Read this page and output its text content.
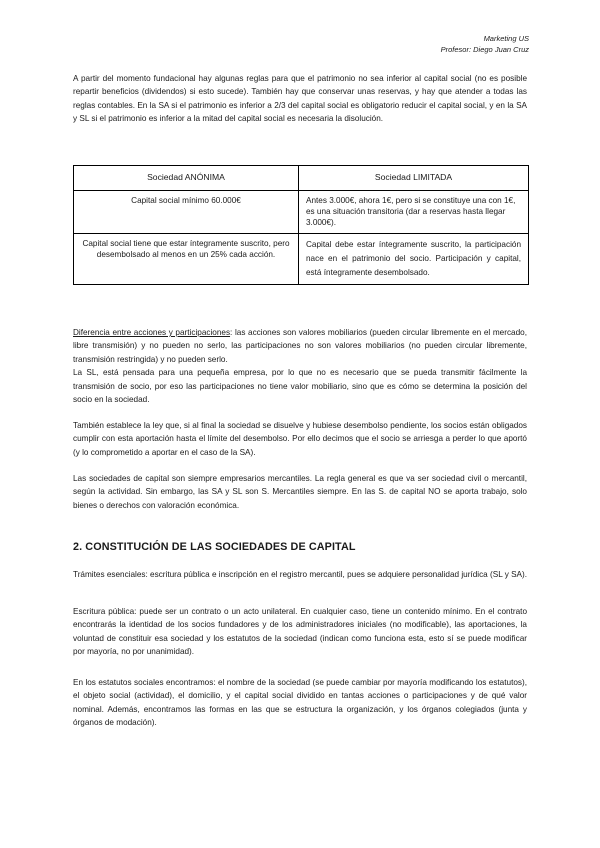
Marketing US
Profesor: Diego Juan Cruz

A partir del momento fundacional hay algunas reglas para que el patrimonio no sea inferior al capital social (no es posible repartir beneficios (dividendos) si esto sucede). También hay que conservar unas reservas, y hay que atender a todas las reglas contables. En la SA si el patrimonio es inferior a 2/3 del capital social es obligatorio reducir el capital social, y en la SA y SL si el patrimonio es inferior a la mitad del capital social es necesaria la disolución.

Sociedad ANÓNIMA	Sociedad LIMITADA
Capital social mínimo 60.000€	Antes 3.000€, ahora 1€, pero si se constituye una con 1€, es una situación transitoria (dar a reservas hasta llegar 3.000€).
Capital social tiene que estar íntegramente suscrito, pero desembolsado al menos en un 25% cada acción.	Capital debe estar íntegramente suscrito, la participación nace en el patrimonio del socio. Participación y capital, está íntegramente desembolsado.
Diferencia entre acciones y participaciones: las acciones son valores mobiliarios (pueden circular libremente en el mercado, libre transmisión) y no pueden no serlo, las participaciones no son valores mobiliarios (no pueden circular libremente, transmisión restringida) y no pueden serlo.
La SL, está pensada para una pequeña empresa, por lo que no es necesario que se pueda transmitir fácilmente la transmisión de socio, por eso las participaciones no tiene valor mobiliario, sino que es cómo se determina la posición del socio en la sociedad.

También establece la ley que, si al final la sociedad se disuelve y hubiese desembolso pendiente, los socios están obligados cumplir con esta aportación hasta el límite del desembolso. Por ello decimos que el socio se arriesga a perder lo que aportó (y lo comprometido a aportar en el caso de la SA).

Las sociedades de capital son siempre empresarios mercantiles. La regla general es que va ser sociedad civil o mercantil, según la actividad. Sin embargo, las SA y SL son S. Mercantiles siempre. En las S. de capital NO se aporta trabajo, solo bienes o derechos con valoración económica.

2. CONSTITUCIÓN DE LAS SOCIEDADES DE CAPITAL

Trámites esenciales: escritura pública e inscripción en el registro mercantil, pues se adquiere personalidad jurídica (SL y SA).

Escritura pública: puede ser un contrato o un acto unilateral. En cualquier caso, tiene un contenido mínimo. En el contrato encontrarás la identidad de los socios fundadores y de los administradores iniciales (no modificable), las aportaciones, la voluntad de constituir esa sociedad y los estatutos de la sociedad (indican como funciona esta, esto sí se puede modificar por mayoría, no por unanimidad).

En los estatutos sociales encontramos: el nombre de la sociedad (se puede cambiar por mayoría modificando los estatutos), el objeto social (actividad), el domicilio, y el capital social dividido en tantas acciones o participaciones y de qué valor nominal. Además, encontramos las formas en las que se estructura la organización, y los órganos colegiados (junta y órganos de modación).
